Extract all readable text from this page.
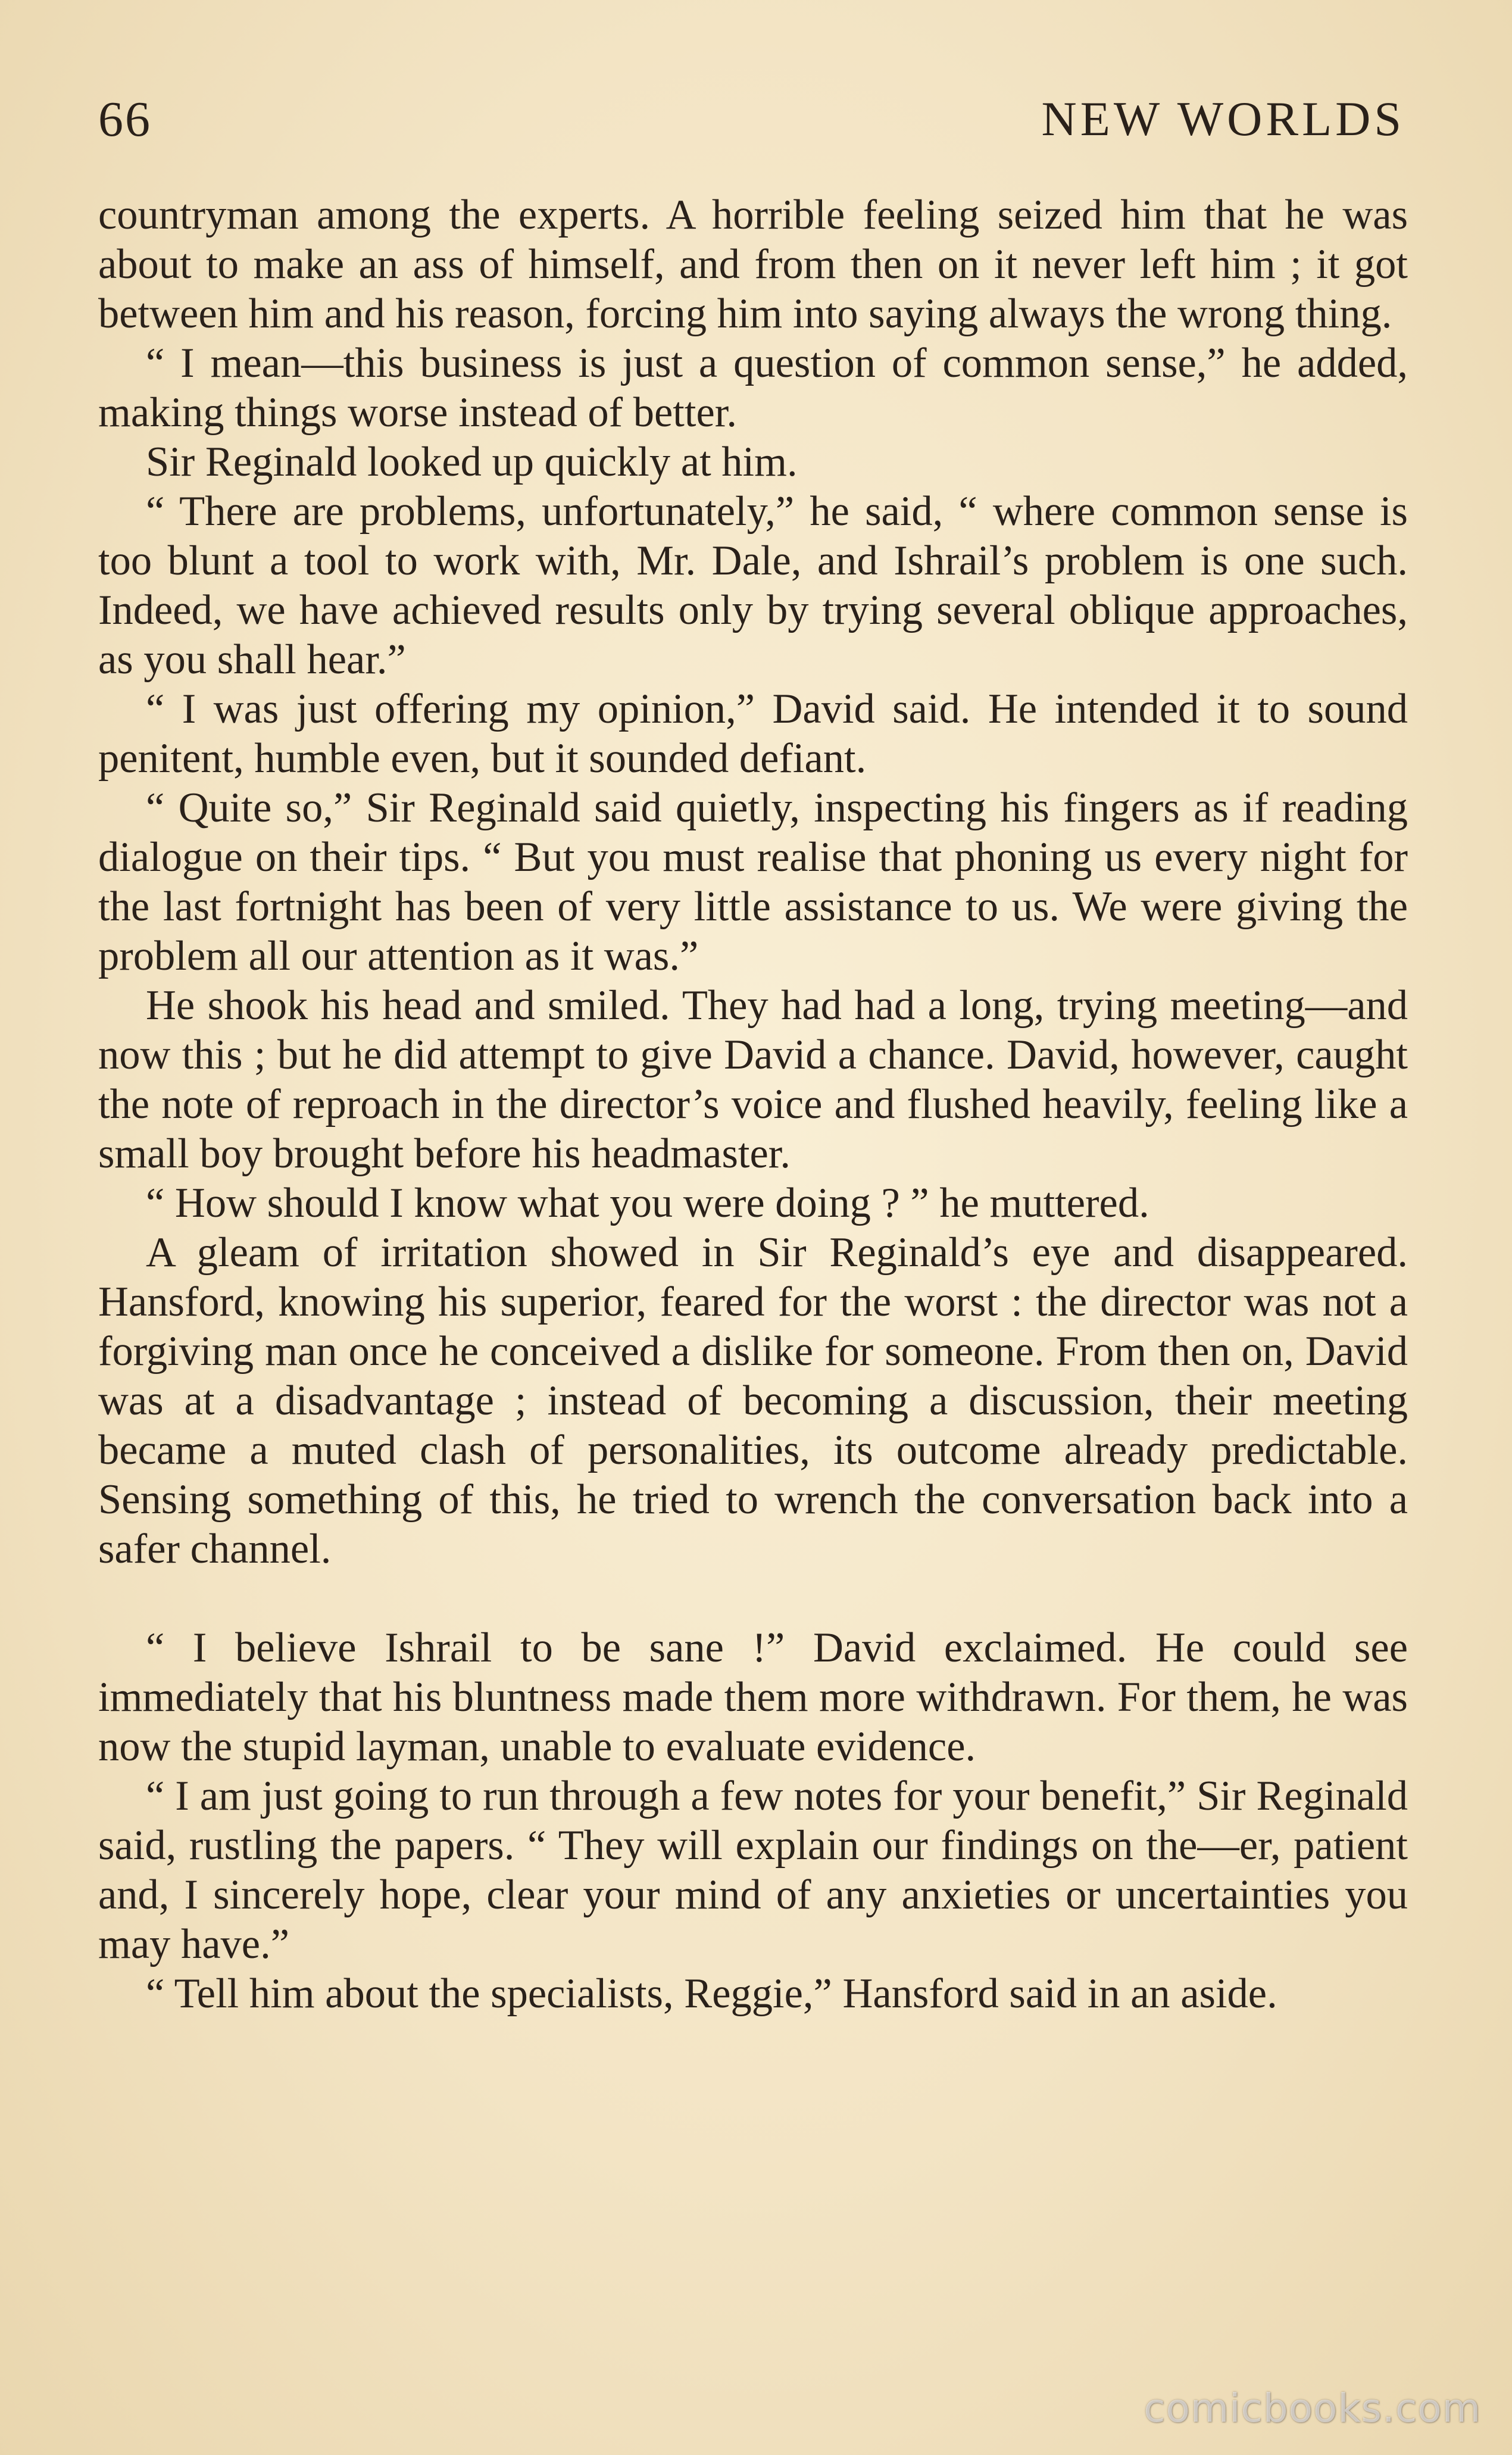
66	NEW WORLDS

countryman among the experts. A horrible feeling seized him that he was about to make an ass of himself, and from then on it never left him ; it got between him and his reason, forcing him into saying always the wrong thing.

“ I mean—this business is just a question of common sense,” he added, making things worse instead of better.

Sir Reginald looked up quickly at him.

“ There are problems, unfortunately,” he said, “ where common sense is too blunt a tool to work with, Mr. Dale, and Ishrail’s problem is one such. Indeed, we have achieved results only by trying several oblique approaches, as you shall hear.”

“ I was just offering my opinion,” David said. He intended it to sound penitent, humble even, but it sounded defiant.

“ Quite so,” Sir Reginald said quietly, inspecting his fingers as if reading dialogue on their tips. “ But you must realise that phoning us every night for the last fortnight has been of very little assistance to us. We were giving the problem all our attention as it was.”

He shook his head and smiled. They had had a long, trying meeting—and now this ; but he did attempt to give David a chance. David, however, caught the note of reproach in the director’s voice and flushed heavily, feeling like a small boy brought before his headmaster.

“ How should I know what you were doing ? ” he muttered.

A gleam of irritation showed in Sir Reginald’s eye and disappeared. Hansford, knowing his superior, feared for the worst : the director was not a forgiving man once he conceived a dislike for someone. From then on, David was at a disadvantage ; instead of becoming a discussion, their meeting became a muted clash of personalities, its outcome already predictable. Sensing something of this, he tried to wrench the conversation back into a safer channel.

“ I believe Ishrail to be sane !” David exclaimed. He could see immediately that his bluntness made them more withdrawn. For them, he was now the stupid layman, unable to evaluate evidence.

“ I am just going to run through a few notes for your benefit,” Sir Reginald said, rustling the papers. “ They will explain our findings on the—er, patient and, I sincerely hope, clear your mind of any anxieties or uncertainties you may have.”

“ Tell him about the specialists, Reggie,” Hansford said in an aside.

comicbooks.com
